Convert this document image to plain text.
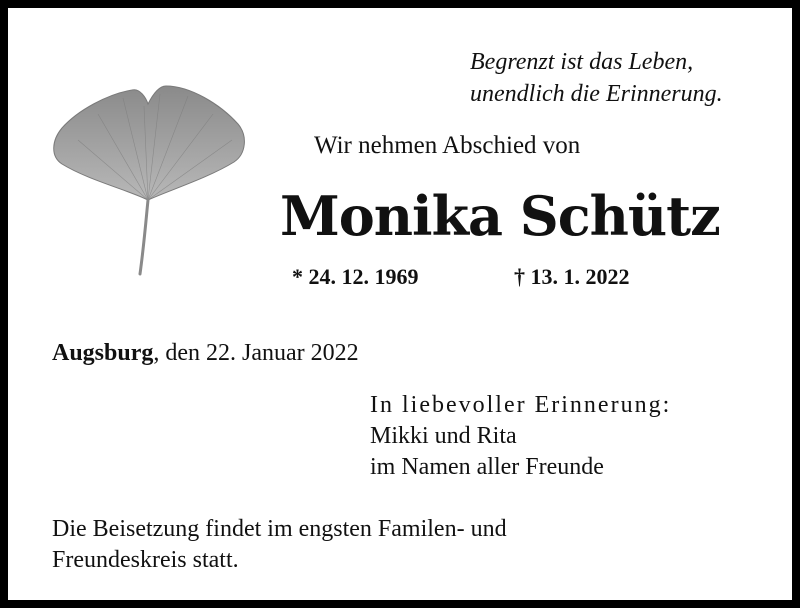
Begrenzt ist das Leben,
unendlich die Erinnerung.
Wir nehmen Abschied von
Monika Schütz
* 24. 12. 1969	† 13. 1. 2022
Augsburg, den 22. Januar 2022
In liebevoller Erinnerung:
Mikki und Rita
im Namen aller Freunde
Die Beisetzung findet im engsten Familen- und
Freundeskreis statt.
